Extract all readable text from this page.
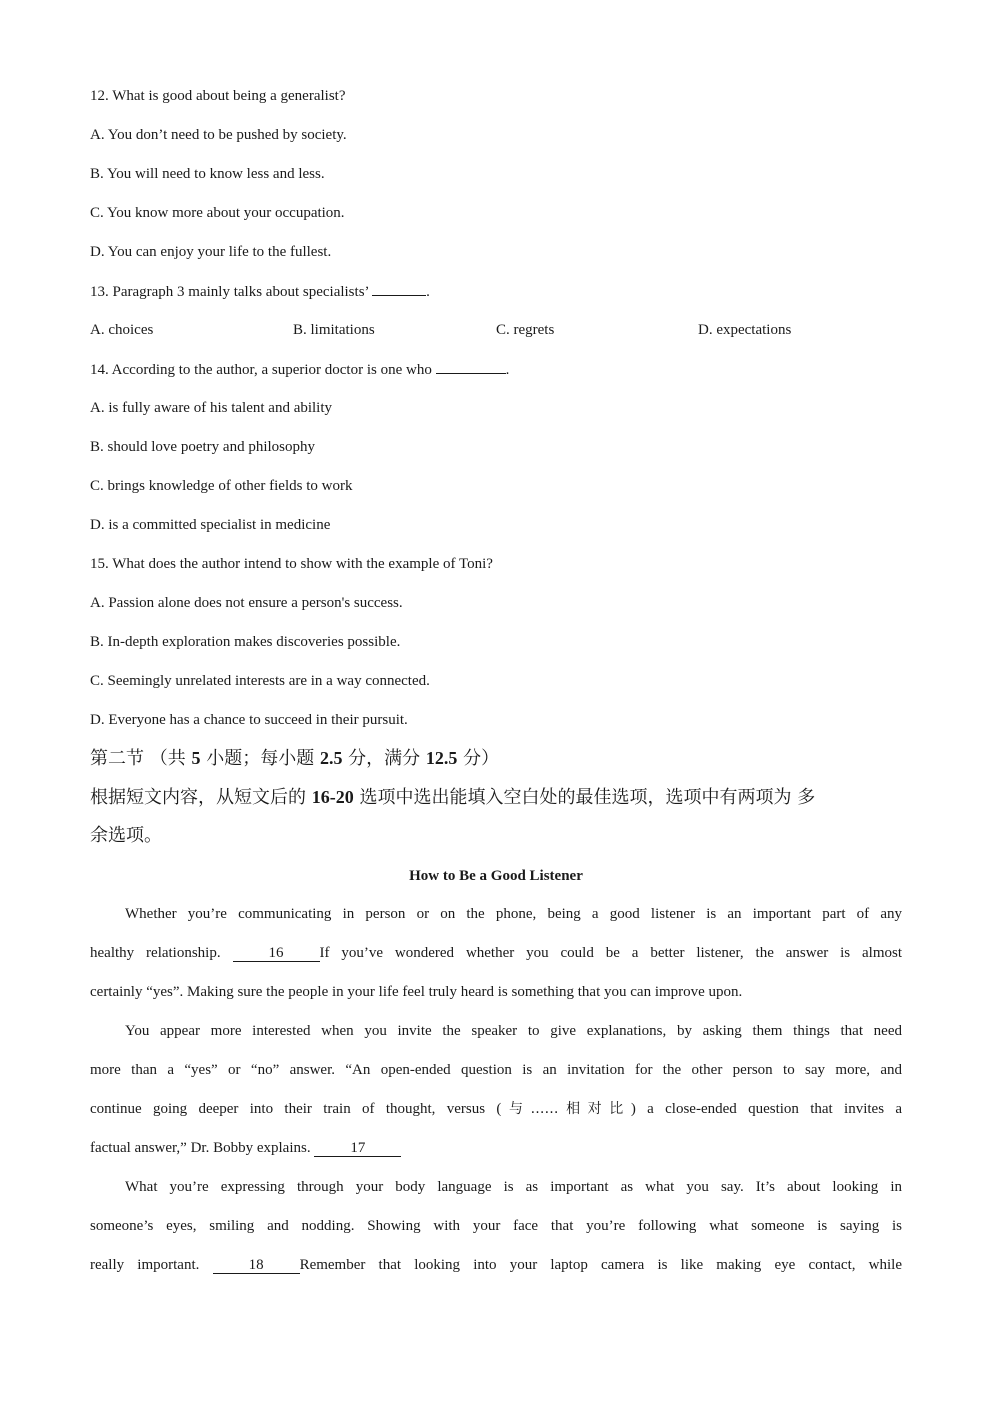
12. What is good about being a generalist?
A. You don’t need to be pushed by society.
B. You will need to know less and less.
C. You know more about your occupation.
D. You can enjoy your life to the fullest.
13. Paragraph 3 mainly talks about specialists’	.
A. choices	B. limitations	C. regrets	D. expectations
14. According to the author, a superior doctor is one who	.
A. is fully aware of his talent and ability
B. should love poetry and philosophy
C. brings knowledge of other fields to work
D. is a committed specialist in medicine
15. What does the author intend to show with the example of Toni?
A. Passion alone does not ensure a person's success.
B. In-depth exploration makes discoveries possible.
C. Seemingly unrelated interests are in a way connected.
D. Everyone has a chance to succeed in their pursuit.
第二节 （共 5 小题；每小题 2.5 分，满分 12.5 分）
根据短文内容，从短文后的 16-20 选项中选出能填入空白处的最佳选项，选项中有两项为 多
余选项。
How to Be a Good Listener
Whether you’re communicating in person or on the phone, being a good listener is an important part of any
healthy relationship.	16 If you’ve wondered whether you could be a better listener, the answer is almost
certainly “yes”. Making sure the people in your life feel truly heard is something that you can improve upon.
You appear more interested when you invite the speaker to give explanations, by asking them things that need
more than a “yes” or “no” answer. “An open-ended question is an invitation for the other person to say more, and
continue going deeper into their train of thought, versus (与……相对比) a close-ended question that invites a
factual answer,” Dr. Bobby explains.	17
What you’re expressing through your body language is as important as what you say. It’s about looking in
someone’s eyes, smiling and nodding. Showing with your face that you’re following what someone is saying is
really important.	18 Remember that looking into your laptop camera is like making eye contact, while
